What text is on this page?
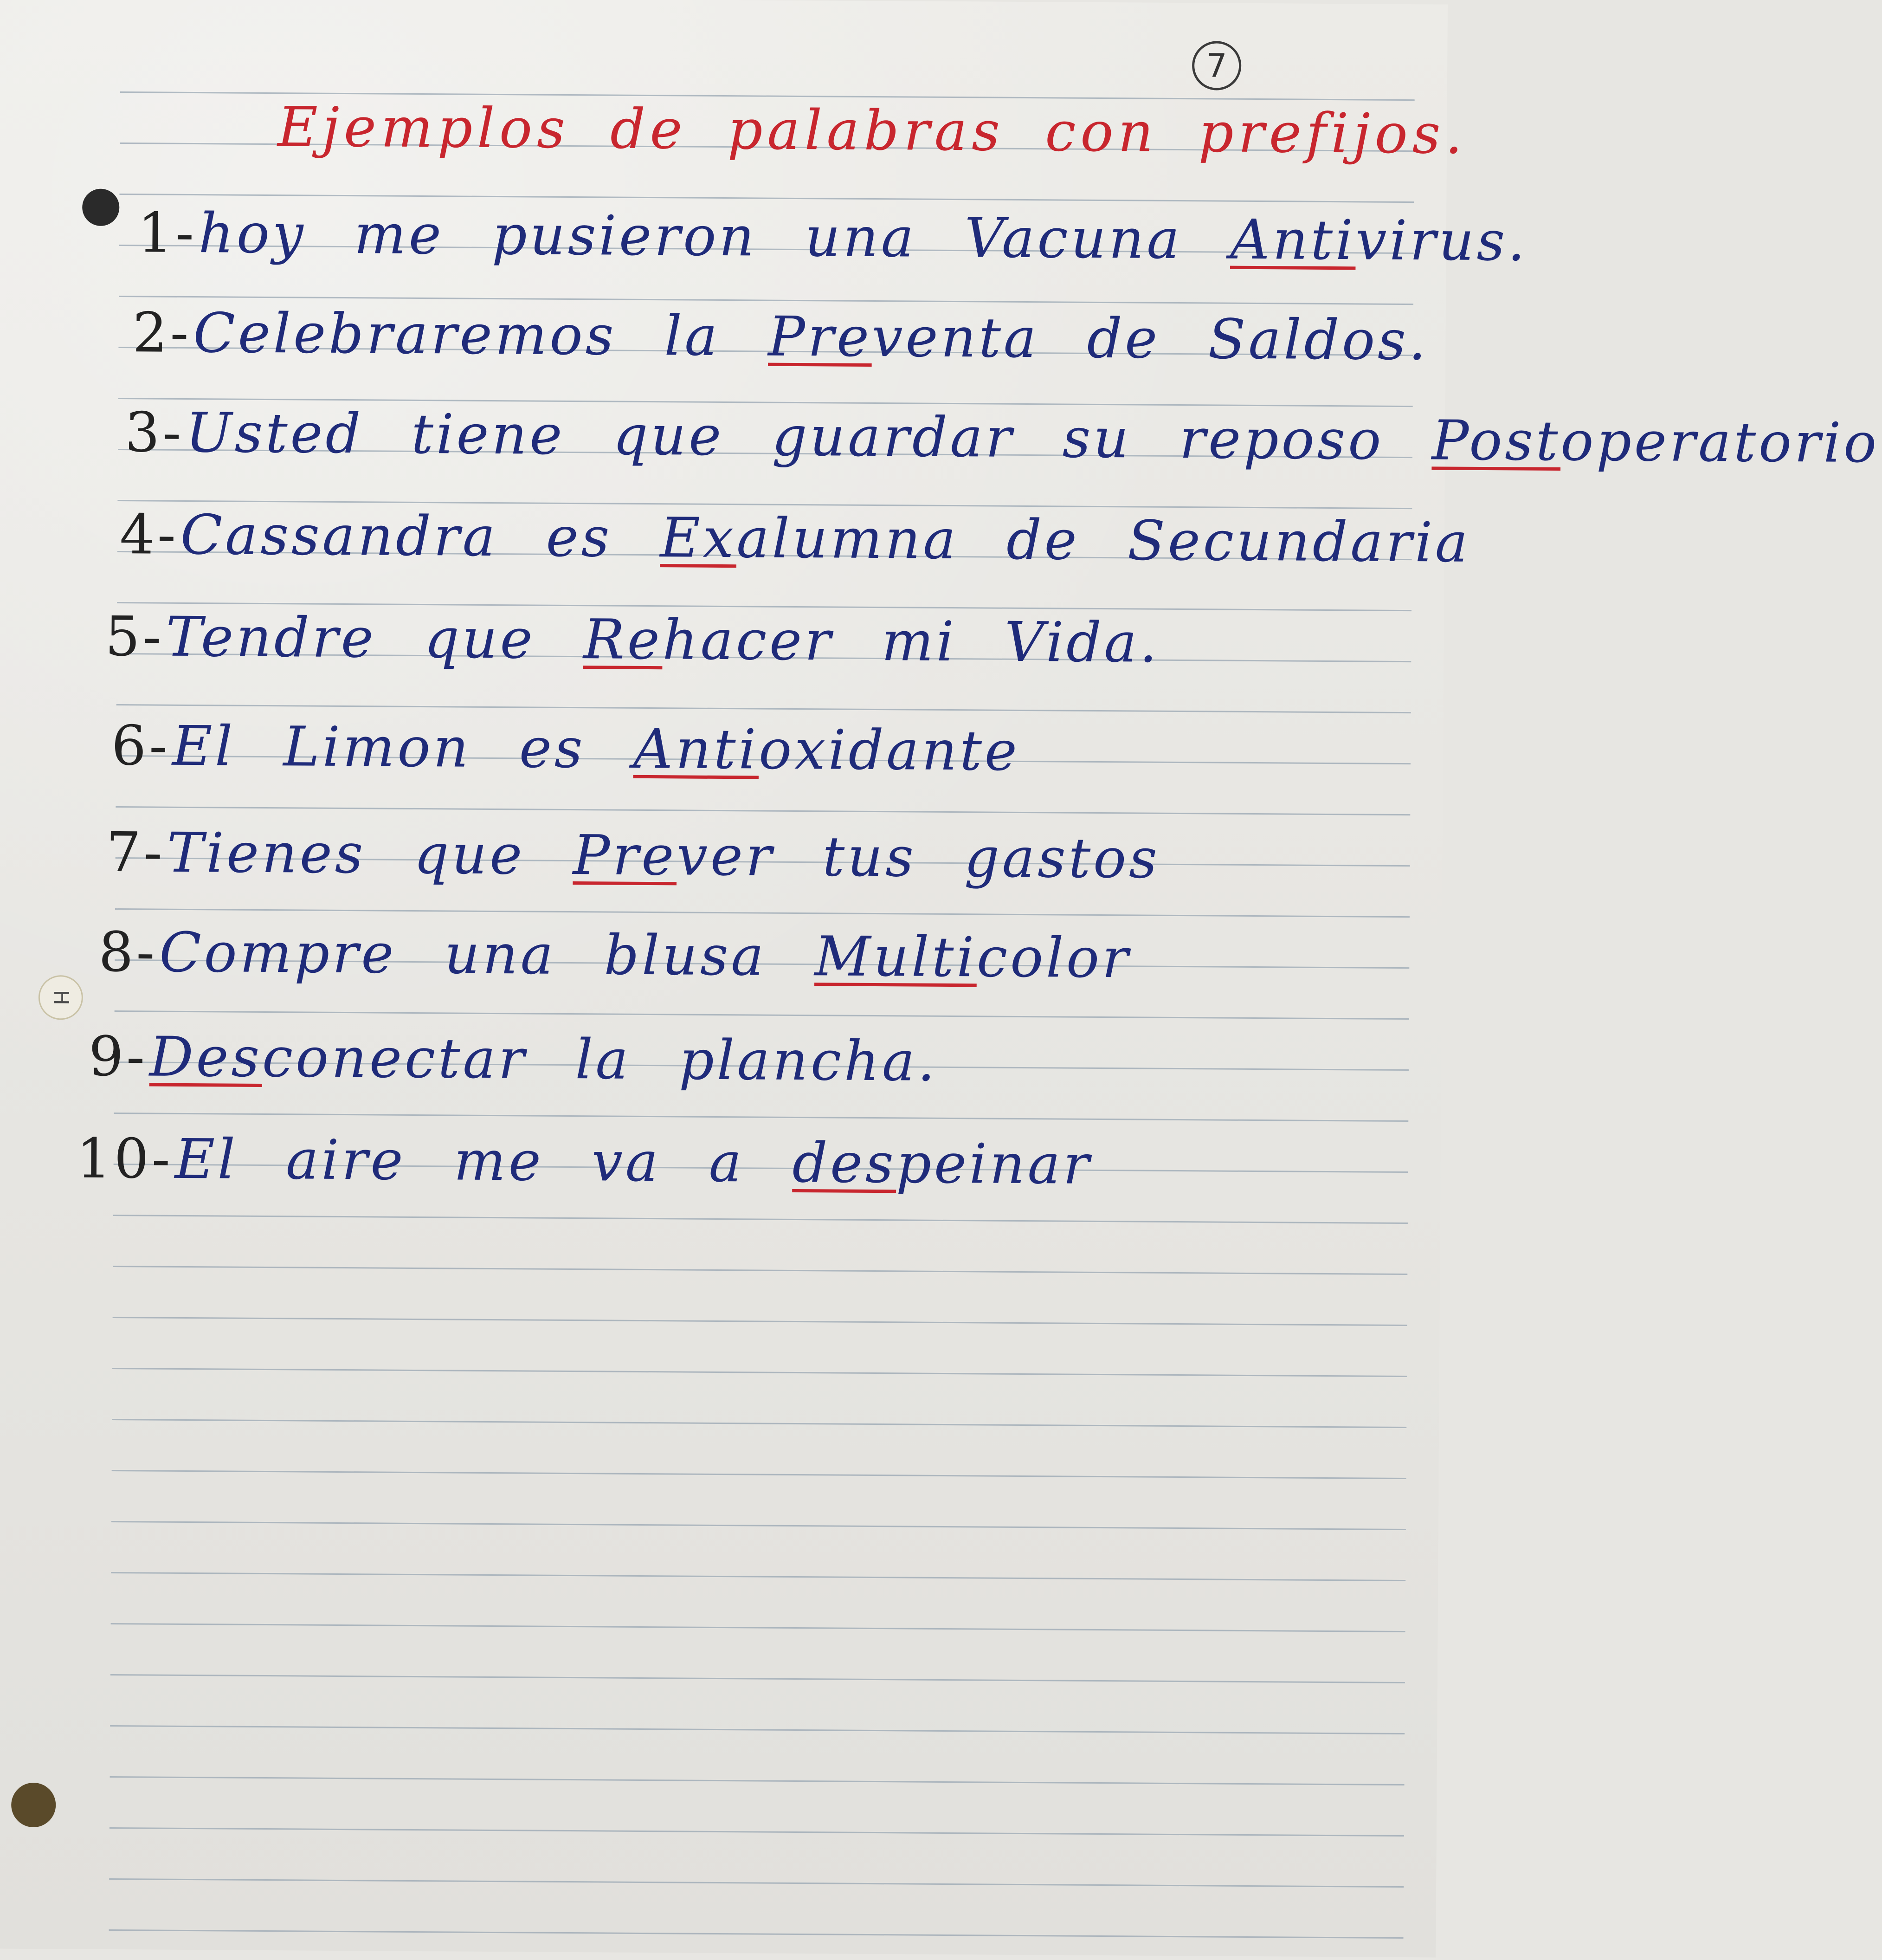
7
H
Ejemplos de palabras con prefijos.
1-hoy me pusieron una Vacuna Antivirus.
2-Celebraremos la Preventa de Saldos.
3-Usted tiene que guardar su reposo Postoperatorio
4-Cassandra es Exalumna de Secundaria
5-Tendre que Rehacer mi Vida.
6-El Limon es Antioxidante
7-Tienes que Prever tus gastos
8-Compre una blusa Multicolor
9-Desconectar la plancha.
10-El aire me va a despeinar
